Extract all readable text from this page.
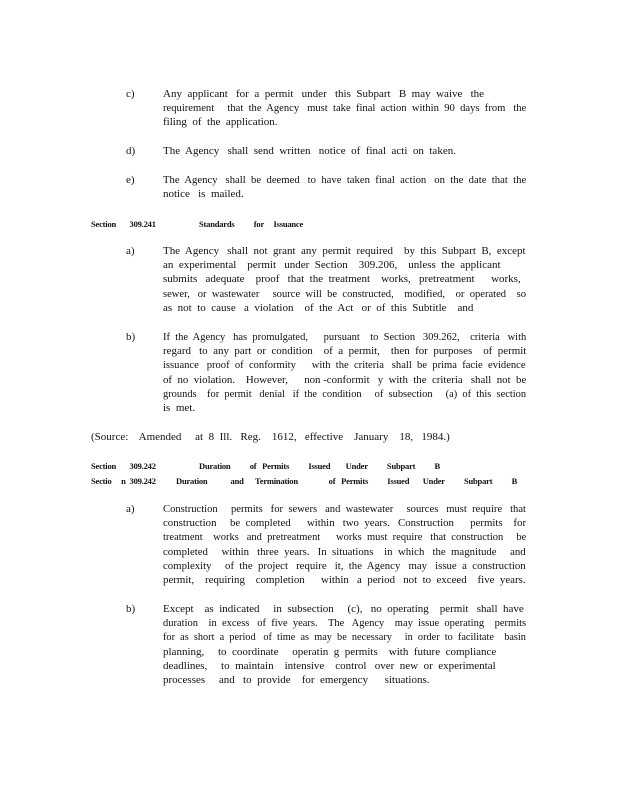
c)	Any  applicant   for  a  permit   under   this  Subpart   B  may  waive   the
requirement     that  the  Agency   must  take  final  action  within  90  days  from   the
filing  of  the  application.
d)	The  Agency   shall  send  written   notice  of  final  acti  on  taken.
e)	The  Agency   shall  be  deemed   to  have  taken  final  action   on  the  date  that  the
notice   is  mailed.
Section       309.241	Standards          for     Issuance
a)	The  Agency   shall  not  grant  any  permit  required    by  this  Subpart  B,  except
an  experimental    permit   under  Section    309.206,    unless  the  applicant
submits   adequate    proof   that  the  treatment    works,   pretreatment      works,
sewer,   or  wastewater     source  will  be  constructed,    modified,    or  operated    so
as  not  to  cause   a  violation    of  the  Act   or  of  this  Subtitle    and
b)	If  the  Agency   has  promulgated,      pursuant    to  Section   309.262,    criteria   with
regard   to  any  part  or  condition    of  a  permit,    then  for  purposes    of  permit
issuance   proof  of  conformity      with  the  criteria   shall  be  prima  facie  evidence
of  no  violation.    However,      non -conformit   y  with  the  criteria   shall  not  be
grounds    for  permit   denial   if  the  condition     of  subsection     (a)  of  this  section
is  met.
(Source:    Amended     at  8  Ill.   Reg.    1612,   effective    January    18,   1984.)
Section       309.242	Duration          of   Permits          Issued        Under          Subpart          B
Sectio     n  309.242 Duration            and      Termination                of   Permits          Issued       Under          Subpart          B
a)	Construction     permits   for  sewers   and  wastewater     sources   must  require   that
construction     be  completed      within   two  years.   Construction      permits    for
treatment    works   and  pretreatment      works  must  require   that  construction     be
completed     within   three  years.   In  situations    in  which   the  magnitude     and
complexity     of  the  project   require   it,  the  Agency   may   issue  a  construction
permit,    requiring    completion      within   a  period   not  to  exceed    five  years.
b)	Except    as  indicated     in  subsection     (c),   no  operating    permit   shall  have
duration    in  excess   of  five  years.    The   Agency    may  issue  operating    permits
for  as  short  a  period   of  time  as  may  be  necessary     in  order  to  facilitate    basin
planning,     to  coordinate     operatin  g  permits    with  future  compliance
deadlines,     to  maintain    intensive    control   over  new  or  experimental
processes     and   to  provide    for  emergency      situations.
